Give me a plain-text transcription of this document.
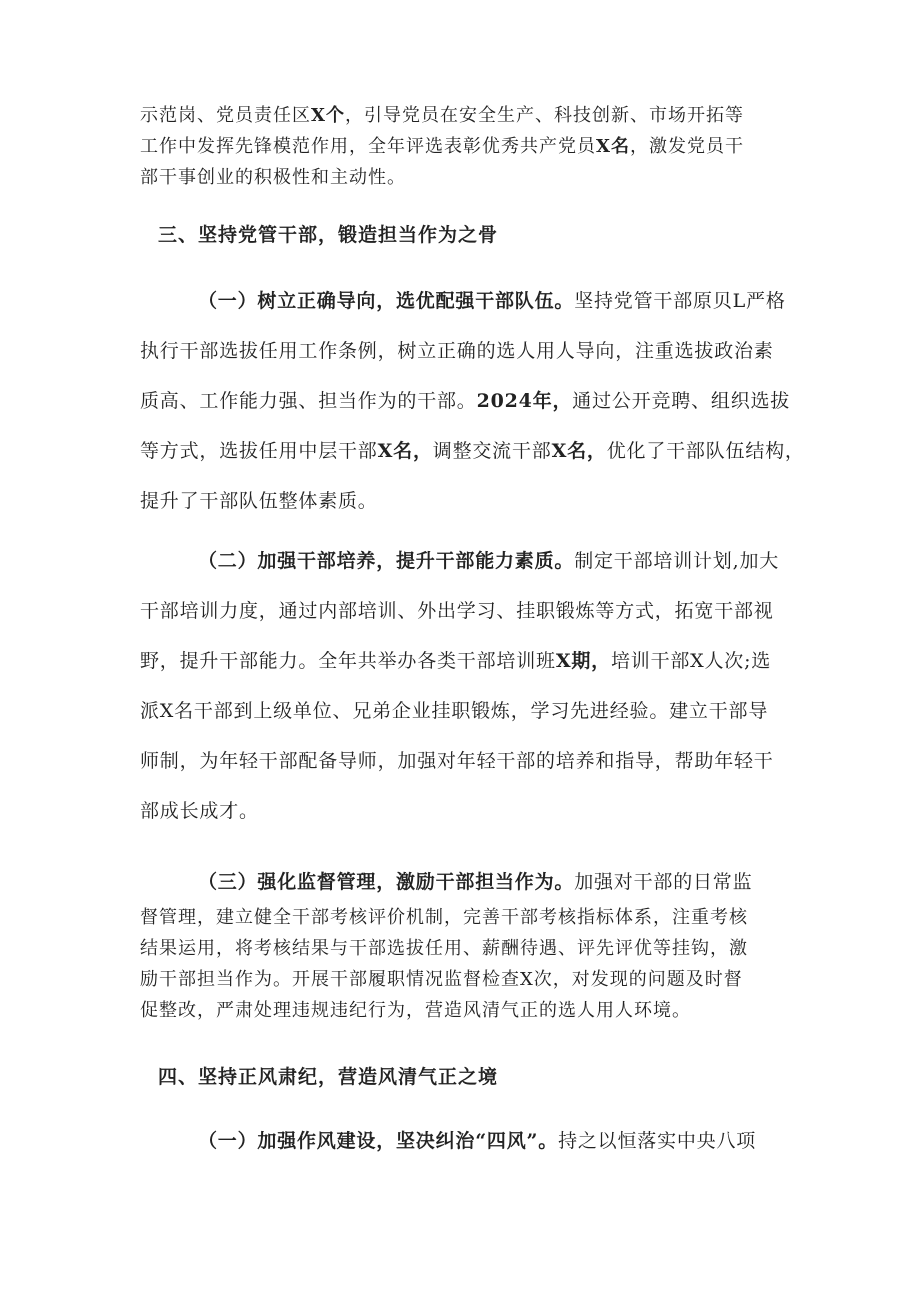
示范岗、党员责任区X个，引导党员在安全生产、科技创新、市场开拓等
工作中发挥先锋模范作用，全年评选表彰优秀共产党员X名，激发党员干
部干事创业的积极性和主动性。

三、坚持党管干部，锻造担当作为之骨

（一）树立正确导向，选优配强干部队伍。坚持党管干部原贝L严格
执行干部选拔任用工作条例，树立正确的选人用人导向，注重选拔政治素
质高、工作能力强、担当作为的干部。2024年，通过公开竞聘、组织选拔
等方式，选拔任用中层干部X名，调整交流干部X名，优化了干部队伍结构，
提升了干部队伍整体素质。
（二）加强干部培养，提升干部能力素质。制定干部培训计划,加大
干部培训力度，通过内部培训、外出学习、挂职锻炼等方式，拓宽干部视
野，提升干部能力。全年共举办各类干部培训班X期，培训干部X人次;选
派X名干部到上级单位、兄弟企业挂职锻炼，学习先进经验。建立干部导
师制，为年轻干部配备导师，加强对年轻干部的培养和指导，帮助年轻干
部成长成才。
（三）强化监督管理，激励干部担当作为。加强对干部的日常监
督管理，建立健全干部考核评价机制，完善干部考核指标体系，注重考核
结果运用，将考核结果与干部选拔任用、薪酬待遇、评先评优等挂钩，激
励干部担当作为。开展干部履职情况监督检查X次，对发现的问题及时督
促整改，严肃处理违规违纪行为，营造风清气正的选人用人环境。

四、坚持正风肃纪，营造风清气正之境

（一）加强作风建设，坚决纠治“四风”。持之以恒落实中央八项
